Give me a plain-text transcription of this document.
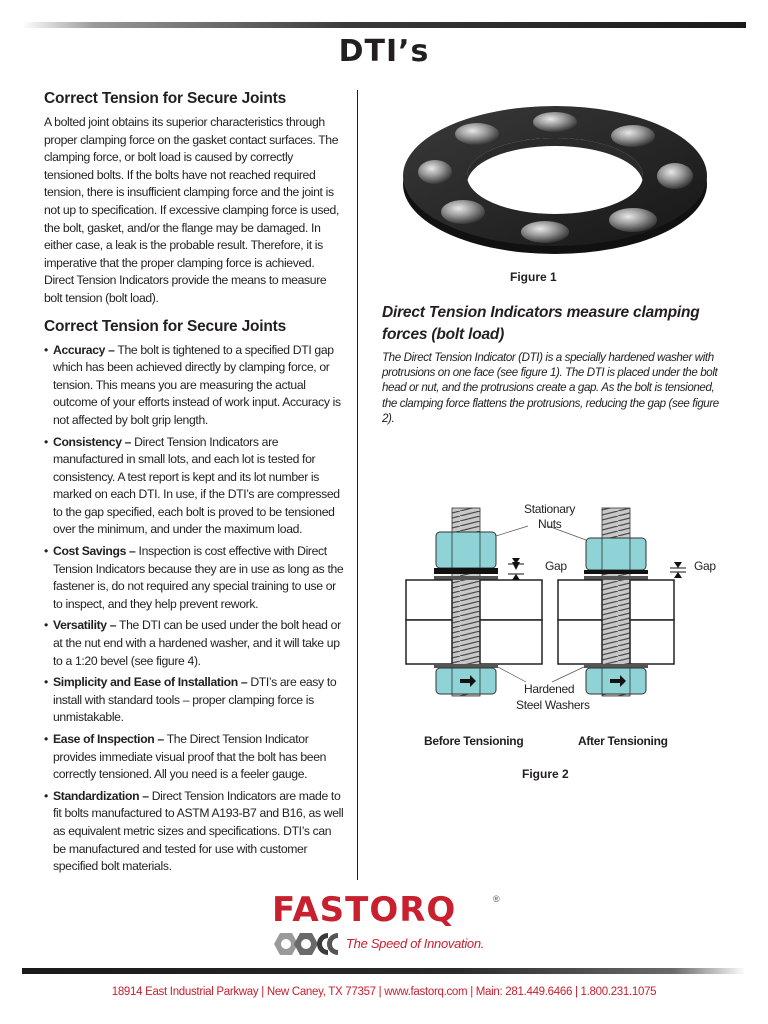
DTI’s
Correct Tension for Secure Joints

A bolted joint obtains its superior characteristics through proper clamping force on the gasket contact surfaces. The clamping force, or bolt load is caused by correctly tensioned bolts. If the bolts have not reached required tension, there is insufficient clamping force and the joint is not up to specification. If excessive clamping force is used, the bolt, gasket, and/or the flange may be damaged. In either case, a leak is the probable result. Therefore, it is imperative that the proper clamping force is achieved. Direct Tension Indicators provide the means to measure bolt tension (bolt load).

Correct Tension for Secure Joints
• Accuracy – The bolt is tightened to a specified DTI gap which has been achieved directly by clamping force, or tension. This means you are measuring the actual outcome of your efforts instead of work input. Accuracy is not affected by bolt grip length.
• Consistency – Direct Tension Indicators are manufactured in small lots, and each lot is tested for consistency. A test report is kept and its lot number is marked on each DTI. In use, if the DTI’s are compressed to the gap specified, each bolt is proved to be tensioned over the minimum, and under the maximum load.
• Cost Savings – Inspection is cost effective with Direct Tension Indicators because they are in use as long as the fastener is, do not required any special training to use or to inspect, and they help prevent rework.
• Versatility – The DTI can be used under the bolt head or at the nut end with a hardened washer, and it will take up to a 1:20 bevel (see figure 4).
• Simplicity and Ease of Installation – DTI’s are easy to install with standard tools – proper clamping force is unmistakable.
• Ease of Inspection – The Direct Tension Indicator provides immediate visual proof that the bolt has been correctly tensioned. All you need is a feeler gauge.
• Standardization – Direct Tension Indicators are made to fit bolts manufactured to ASTM A193-B7 and B16, as well as equivalent metric sizes and specifications. DTI’s can be manufactured and tested for use with customer specified bolt materials.
Figure 1
Direct Tension Indicators measure clamping forces (bolt load)

The Direct Tension Indicator (DTI) is a specially hardened washer with protrusions on one face (see figure 1). The DTI is placed under the bolt head or nut, and the protrusions create a gap. As the bolt is tensioned, the clamping force flattens the protrusions, reducing the gap (see figure 2).

Stationary
Nuts
Gap	Gap
Hardened
Steel Washers
Before Tensioning	After Tensioning
Figure 2
FASTORQ	®
The Speed of Innovation.
18914 East Industrial Parkway | New Caney, TX 77357 | www.fastorq.com | Main: 281.449.6466 | 1.800.231.1075
